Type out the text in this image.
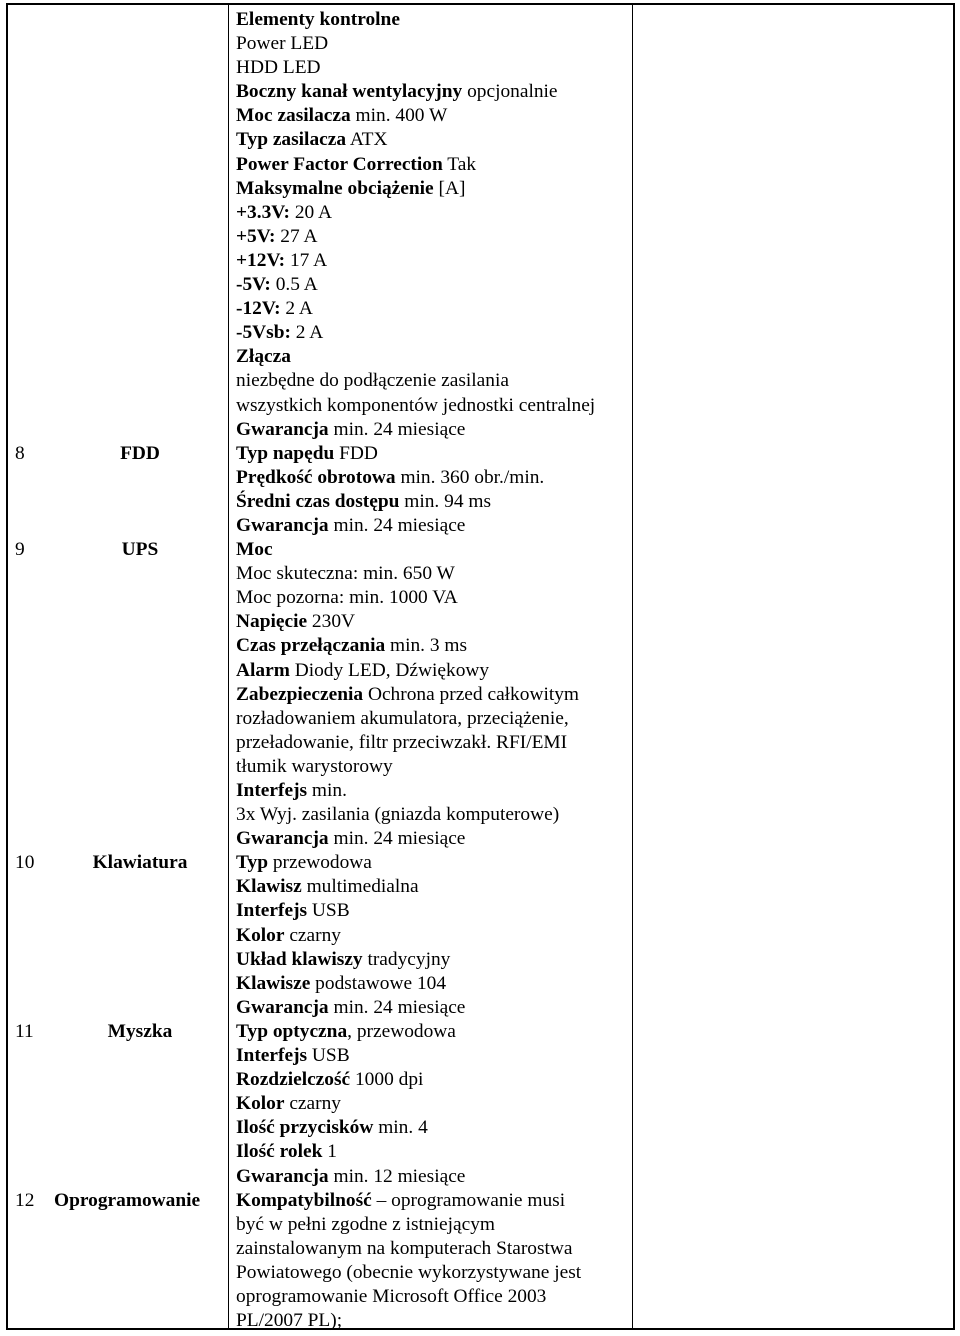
Elementy kontrolne
Power LED
HDD LED
Boczny kanał wentylacyjny opcjonalnie
Moc zasilacza min. 400 W
Typ zasilacza ATX
Power Factor Correction Tak
Maksymalne obciążenie [A]
+3.3V: 20 A
+5V: 27 A
+12V: 17 A
-5V: 0.5 A
-12V: 2 A
-5Vsb: 2 A
Złącza
niezbędne do podłączenie zasilania
wszystkich komponentów jednostki centralnej
Gwarancja min. 24 miesiące
8	FDD	Typ napędu FDD
Prędkość obrotowa min. 360 obr./min.
Średni czas dostępu min. 94 ms
Gwarancja min. 24 miesiące
9	UPS	Moc
Moc skuteczna: min. 650 W
Moc pozorna: min. 1000 VA
Napięcie 230V
Czas przełączania min. 3 ms
Alarm Diody LED, Dźwiękowy
Zabezpieczenia Ochrona przed całkowitym
rozładowaniem akumulatora, przeciążenie,
przeładowanie, filtr przeciwzakł. RFI/EMI
tłumik warystorowy
Interfejs min.
3x Wyj. zasilania (gniazda komputerowe)
Gwarancja min. 24 miesiące
10	Klawiatura	Typ przewodowa
Klawisz multimedialna
Interfejs USB
Kolor czarny
Układ klawiszy tradycyjny
Klawisze podstawowe 104
Gwarancja min. 24 miesiące
11	Myszka	Typ optyczna, przewodowa
Interfejs USB
Rozdzielczość 1000 dpi
Kolor czarny
Ilość przycisków min. 4
Ilość rolek 1
Gwarancja min. 12 miesiące
12 Oprogramowanie	Kompatybilność – oprogramowanie musi
być w pełni zgodne z istniejącym
zainstalowanym na komputerach Starostwa
Powiatowego (obecnie wykorzystywane jest
oprogramowanie Microsoft Office 2003
PL/2007 PL);
